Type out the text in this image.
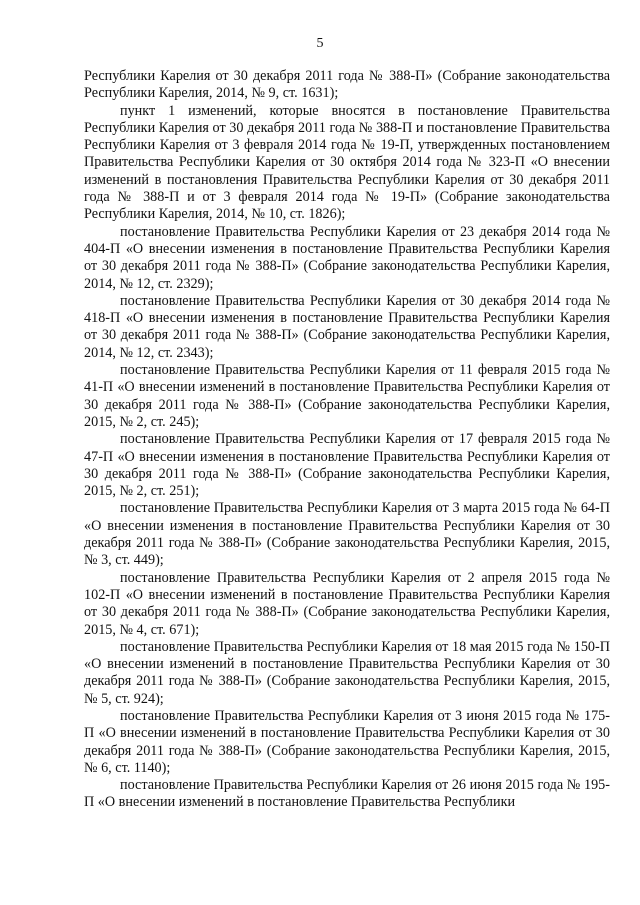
5

Республики Карелия от 30 декабря 2011 года № 388-П» (Собрание законодательства Республики Карелия, 2014, № 9, ст. 1631);

пункт 1 изменений, которые вносятся в постановление Правительства Республики Карелия от 30 декабря 2011 года № 388-П и постановление Правительства Республики Карелия от 3 февраля 2014 года № 19-П, утвержденных постановлением Правительства Республики Карелия от 30 октября 2014 года № 323-П «О внесении изменений в постановления Правительства Республики Карелия от 30 декабря 2011 года № 388-П и от 3 февраля 2014 года № 19-П» (Собрание законодательства Республики Карелия, 2014, № 10, ст. 1826);

постановление Правительства Республики Карелия от 23 декабря 2014 года № 404-П «О внесении изменения в постановление Правительства Республики Карелия от 30 декабря 2011 года № 388-П» (Собрание законодательства Республики Карелия, 2014, № 12, ст. 2329);

постановление Правительства Республики Карелия от 30 декабря 2014 года № 418-П «О внесении изменения в постановление Правительства Республики Карелия от 30 декабря 2011 года № 388-П» (Собрание законодательства Республики Карелия, 2014, № 12, ст. 2343);

постановление Правительства Республики Карелия от 11 февраля 2015 года № 41-П «О внесении изменений в постановление Правительства Республики Карелия от 30 декабря 2011 года № 388-П» (Собрание законодательства Республики Карелия, 2015, № 2, ст. 245);

постановление Правительства Республики Карелия от 17 февраля 2015 года № 47-П «О внесении изменения в постановление Правительства Республики Карелия от 30 декабря 2011 года № 388-П» (Собрание законодательства Республики Карелия, 2015, № 2, ст. 251);

постановление Правительства Республики Карелия от 3 марта 2015 года № 64-П «О внесении изменения в постановление Правительства Республики Карелия от 30 декабря 2011 года № 388-П» (Собрание законодательства Республики Карелия, 2015, № 3, ст. 449);

постановление Правительства Республики Карелия от 2 апреля 2015 года № 102-П «О внесении изменений в постановление Правительства Республики Карелия от 30 декабря 2011 года № 388-П» (Собрание законодательства Республики Карелия, 2015, № 4, ст. 671);

постановление Правительства Республики Карелия от 18 мая 2015 года № 150-П «О внесении изменений в постановление Правительства Республики Карелия от 30 декабря 2011 года № 388-П» (Собрание законодательства Республики Карелия, 2015, № 5, ст. 924);

постановление Правительства Республики Карелия от 3 июня 2015 года № 175-П «О внесении изменений в постановление Правительства Республики Карелия от 30 декабря 2011 года № 388-П» (Собрание законодательства Республики Карелия, 2015, № 6, ст. 1140);

постановление Правительства Республики Карелия от 26 июня 2015 года № 195-П «О внесении изменений в постановление Правительства Республики
